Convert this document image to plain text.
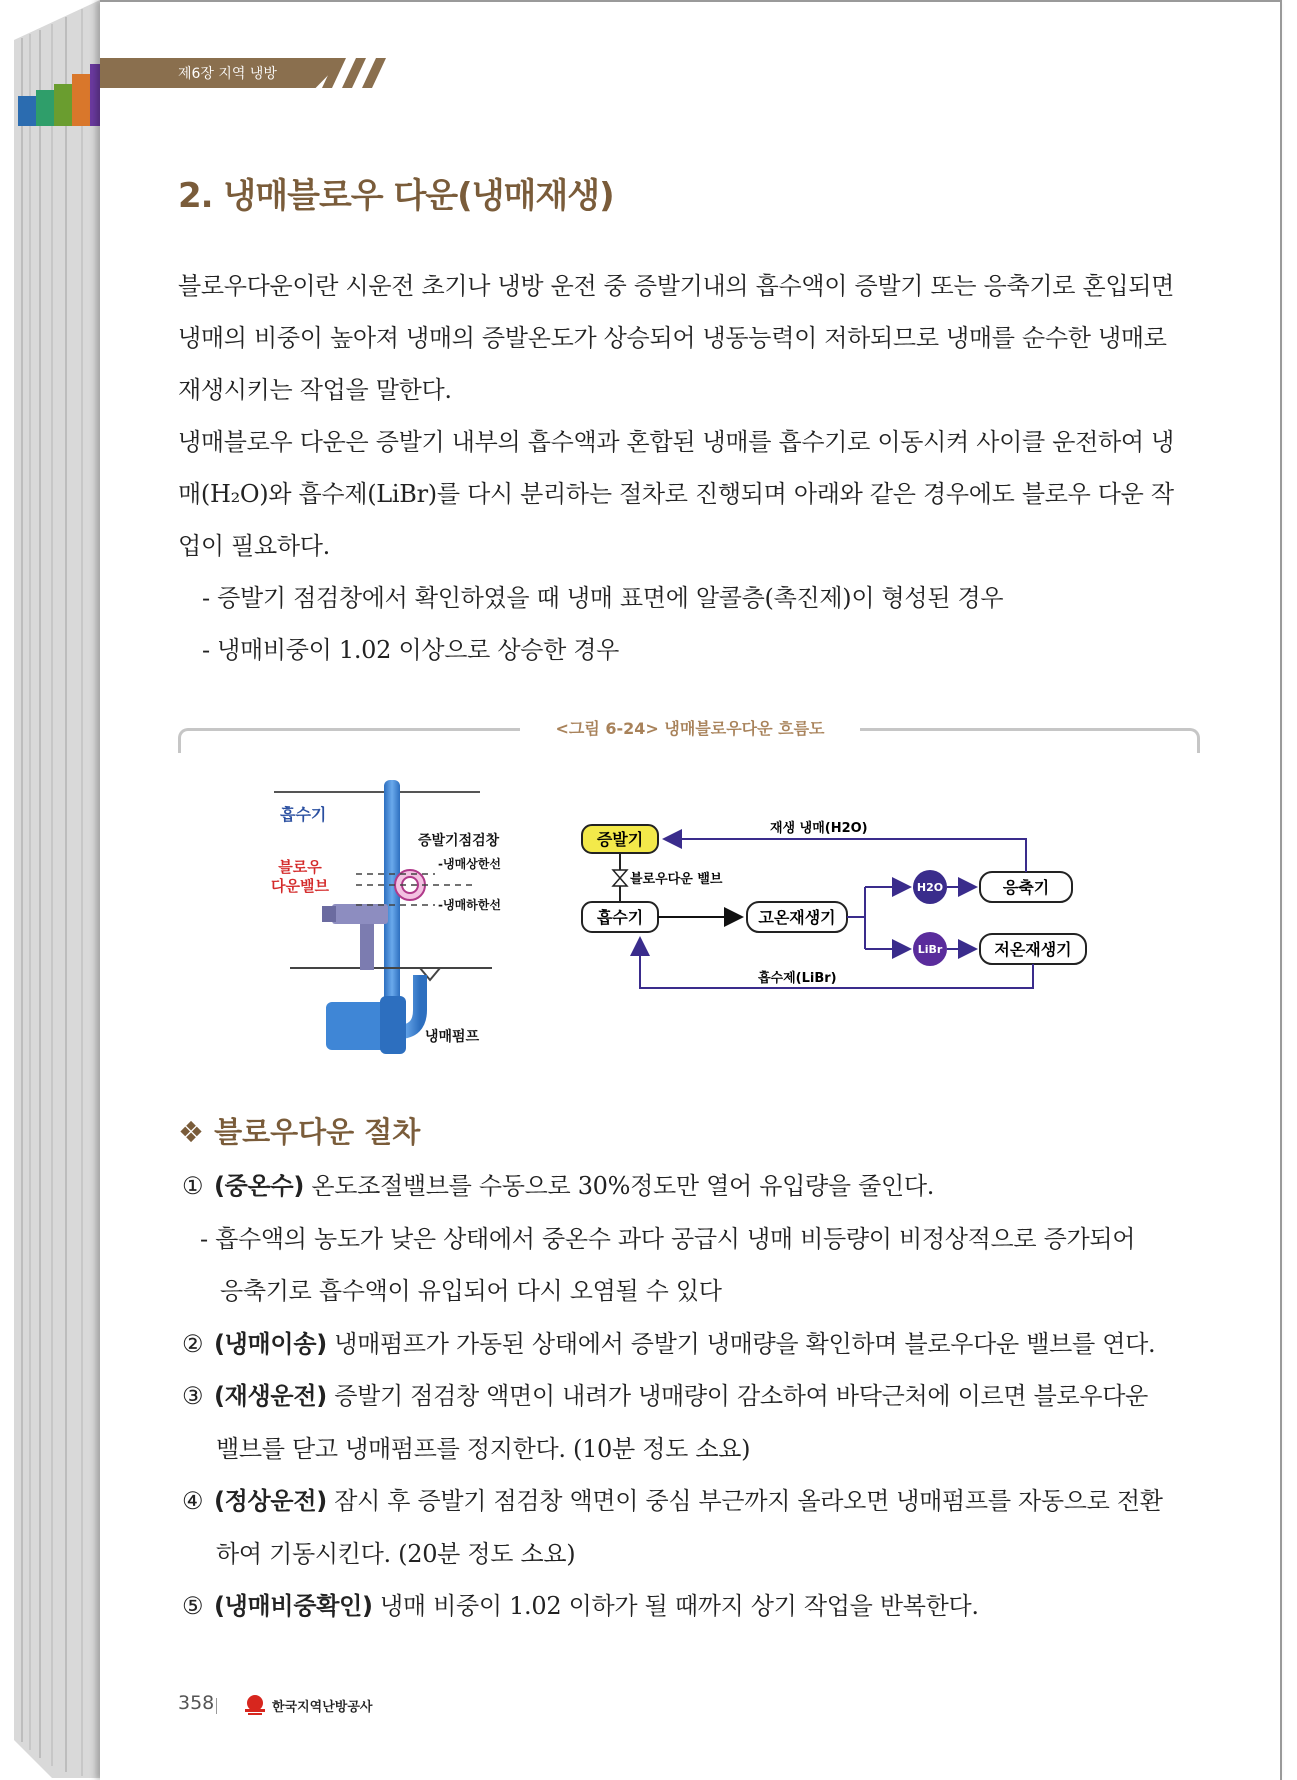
제6장 지역 냉방
2. 냉매블로우 다운(냉매재생)

블로우다운이란 시운전 초기나 냉방 운전 중 증발기내의 흡수액이 증발기 또는 응축기로 혼입되면 냉매의 비중이 높아져 냉매의 증발온도가 상승되어 냉동능력이 저하되므로 냉매를 순수한 냉매로 재생시키는 작업을 말한다.

냉매블로우 다운은 증발기 내부의 흡수액과 혼합된 냉매를 흡수기로 이동시켜 사이클 운전하여 냉매(H₂O)와 흡수제(LiBr)를 다시 분리하는 절차로 진행되며 아래와 같은 경우에도 블로우 다운 작업이 필요하다.

- 증발기 점검창에서 확인하였을 때 냉매 표면에 알콜층(촉진제)이 형성된 경우

- 냉매비중이 1.02 이상으로 상승한 경우

<그림 6-24> 냉매블로우다운 흐름도
흡수기
블로우
다운밸브
증발기점검창
-냉매상한선
-냉매하한선
냉매펌프
증발기
흡수기	고온재생기
응축기
저온재생기
블로우다운 밸브
H2O
LiBr
재생 냉매(H2O)
흡수제(LiBr)
❖ 블로우다운 절차

① (중온수) 온도조절밸브를 수동으로 30%정도만 열어 유입량을 줄인다.

- 흡수액의 농도가 낮은 상태에서 중온수 과다 공급시 냉매 비등량이 비정상적으로 증가되어

응축기로 흡수액이 유입되어 다시 오염될 수 있다

② (냉매이송) 냉매펌프가 가동된 상태에서 증발기 냉매량을 확인하며 블로우다운 밸브를 연다.

③ (재생운전) 증발기 점검창 액면이 내려가 냉매량이 감소하여 바닥근처에 이르면 블로우다운

밸브를 닫고 냉매펌프를 정지한다. (10분 정도 소요)

④ (정상운전) 잠시 후 증발기 점검창 액면이 중심 부근까지 올라오면 냉매펌프를 자동으로 전환

하여 기동시킨다. (20분 정도 소요)

⑤ (냉매비중확인) 냉매 비중이 1.02 이하가 될 때까지 상기 작업을 반복한다.

358	한국지역난방공사
